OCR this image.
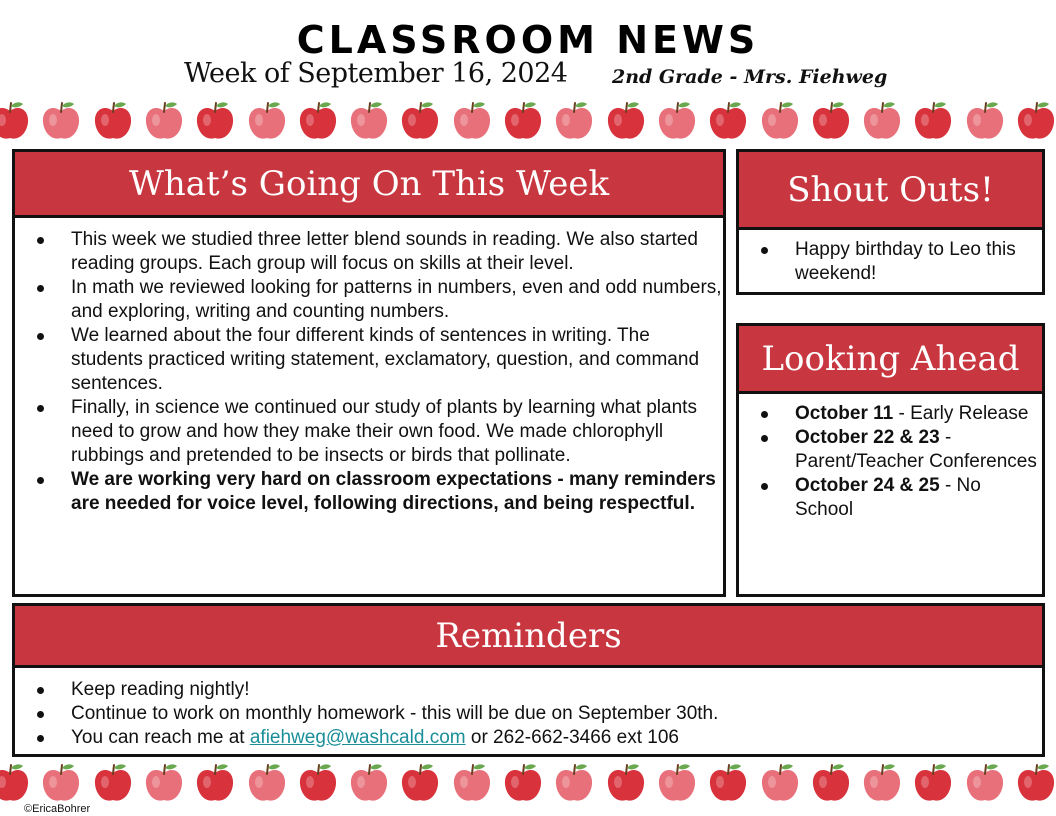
CLASSROOM NEWS
Week of September 16, 2024 2nd Grade - Mrs. Fiehweg
What’s Going On This Week
This week we studied three letter blend sounds in reading. We also started reading groups. Each group will focus on skills at their level.
In math we reviewed looking for patterns in numbers, even and odd numbers, and exploring, writing and counting numbers.
We learned about the four different kinds of sentences in writing. The students practiced writing statement, exclamatory, question, and command sentences.
Finally, in science we continued our study of plants by learning what plants need to grow and how they make their own food. We made chlorophyll rubbings and pretended to be insects or birds that pollinate.
We are working very hard on classroom expectations - many reminders are needed for voice level, following directions, and being respectful.
Shout Outs!
Happy birthday to Leo this weekend!
Looking Ahead
October 11 - Early Release
October 22 & 23 - Parent/Teacher Conferences
October 24 & 25 - No School
Reminders
Keep reading nightly!
Continue to work on monthly homework - this will be due on September 30th.
You can reach me at afiehweg@washcald.com or 262-662-3466 ext 106
©EricaBohrer
